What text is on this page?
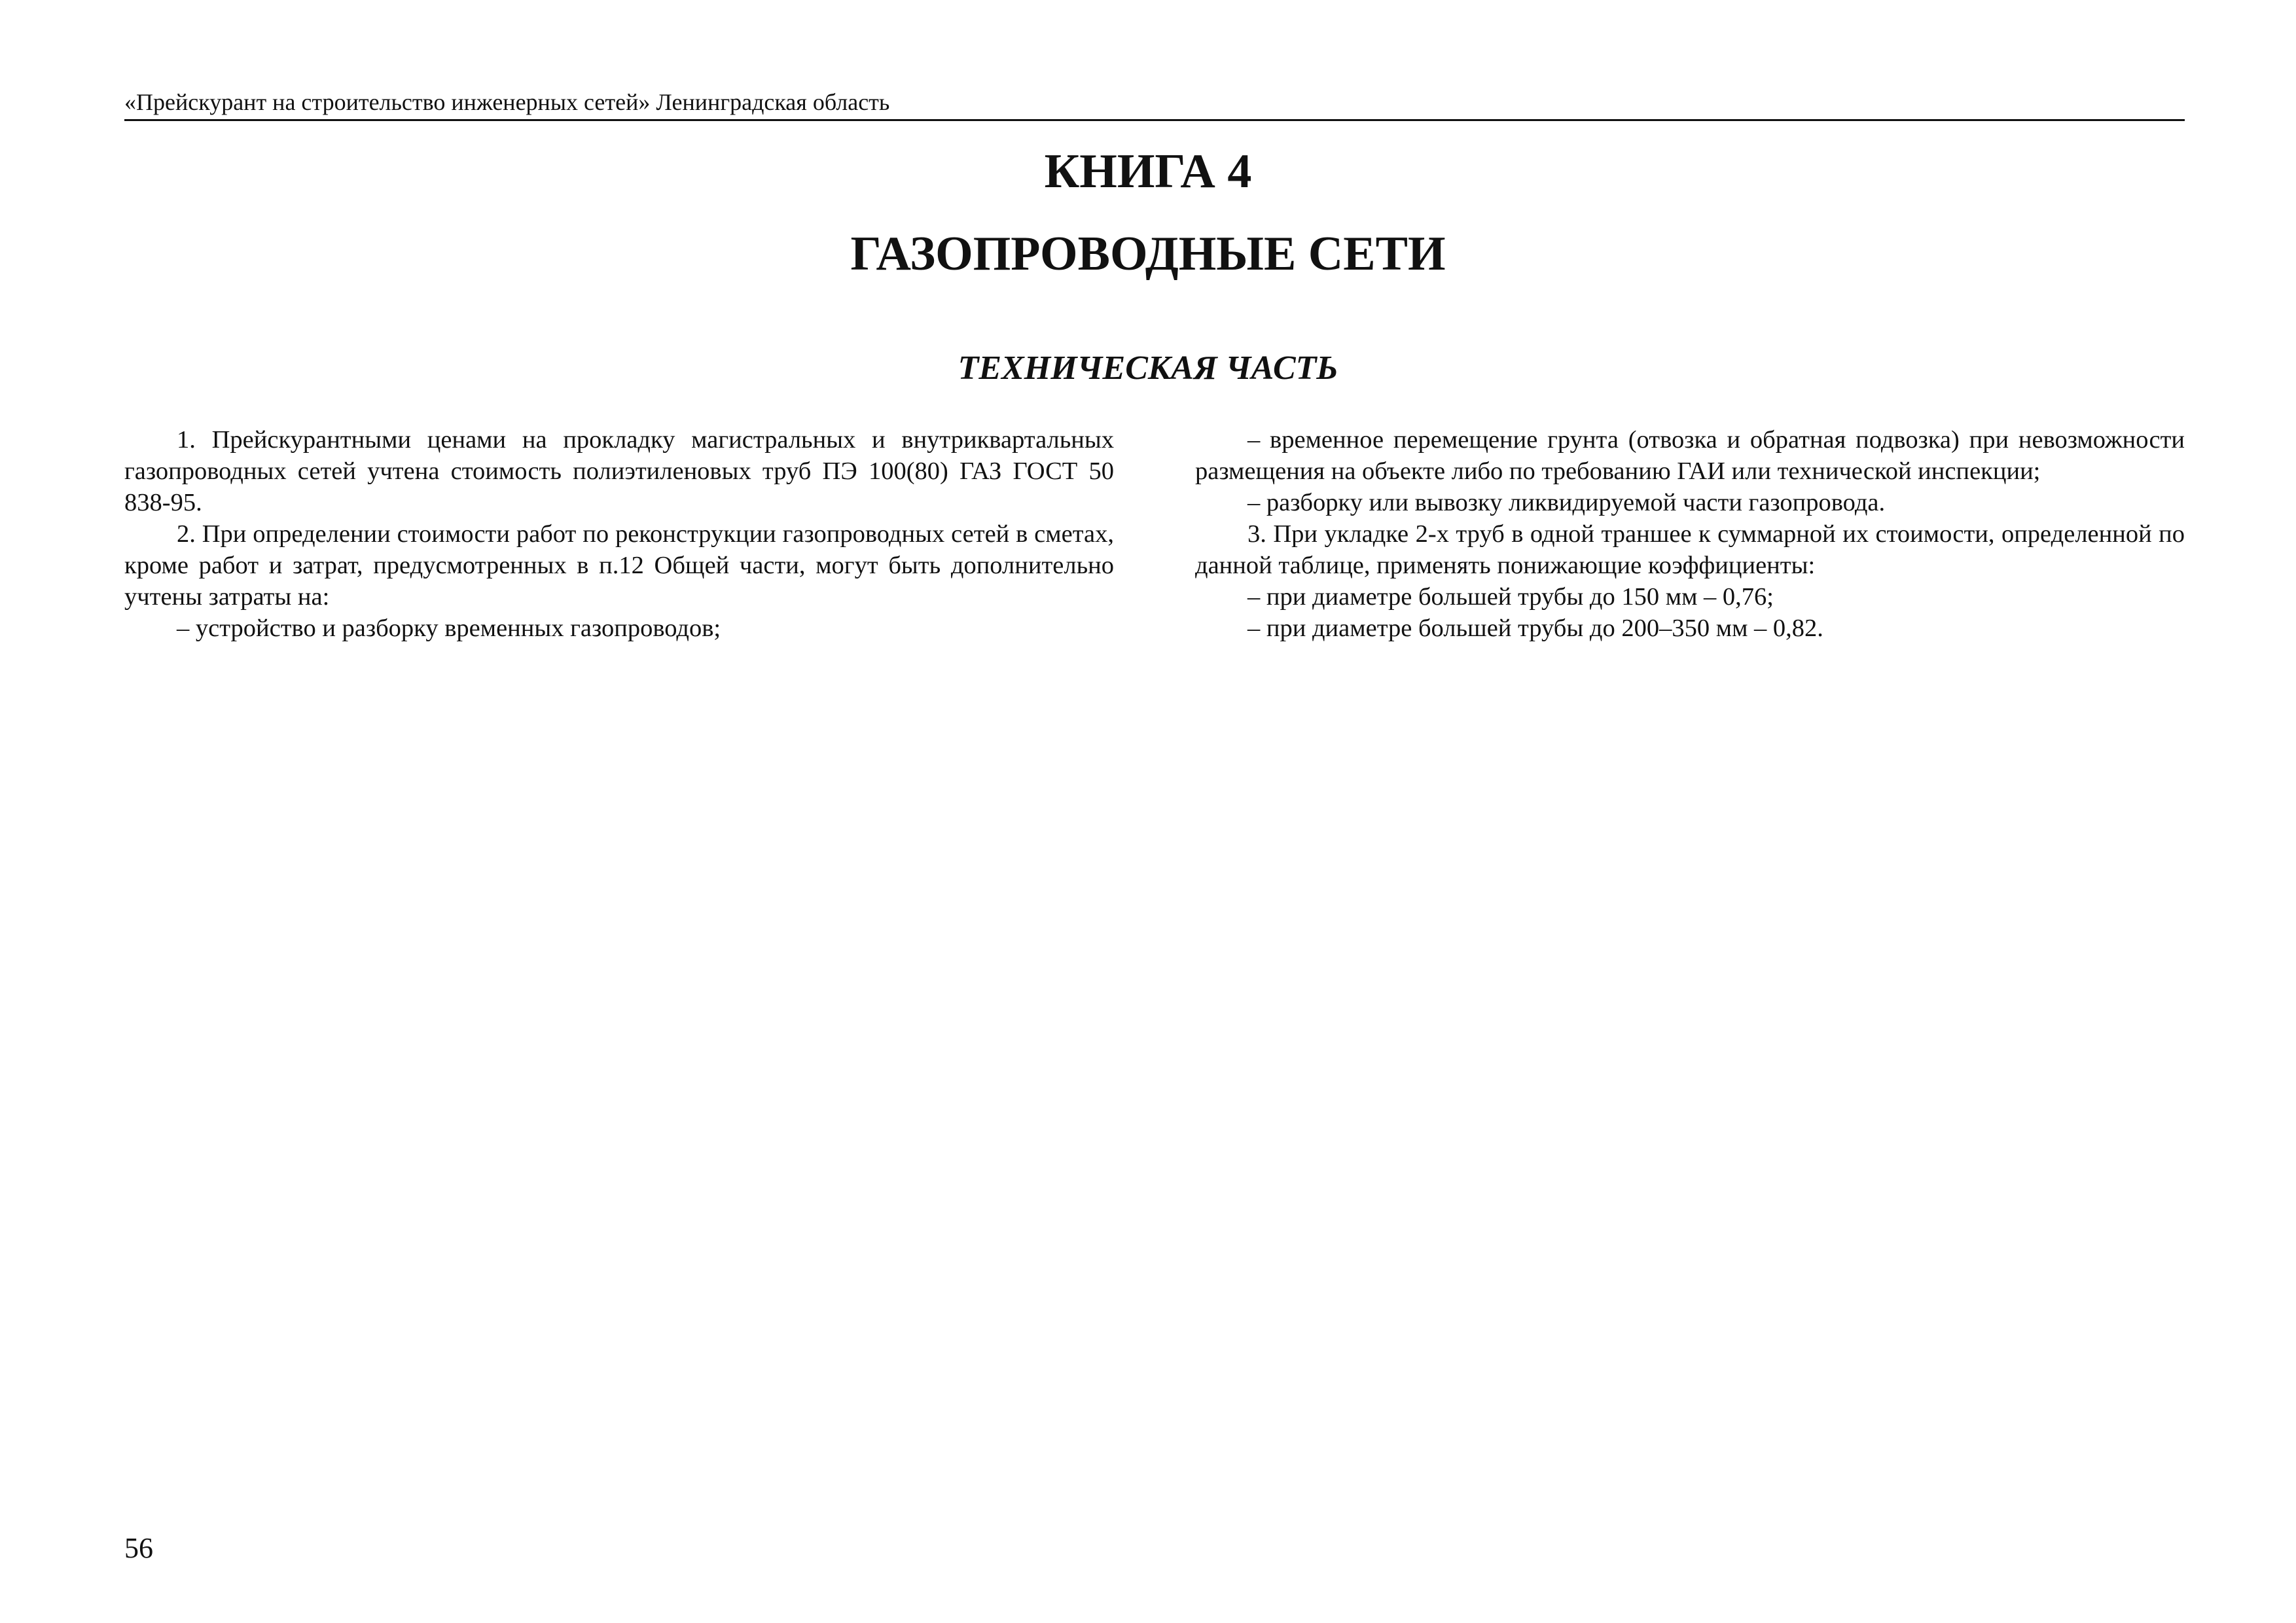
«Прейскурант на строительство инженерных сетей» Ленинградская область
КНИГА 4
ГАЗОПРОВОДНЫЕ СЕТИ
ТЕХНИЧЕСКАЯ ЧАСТЬ

1. Прейскурантными ценами на прокладку магистральных и внутриквартальных газопроводных сетей учтена стоимость полиэтиленовых труб ПЭ 100(80) ГАЗ ГОСТ 50 838-95.

2. При определении стоимости работ по реконструкции газопроводных сетей в сметах, кроме работ и затрат, предусмотренных в п.12 Общей части, могут быть дополнительно учтены затраты на:

– устройство и разборку временных газопроводов;

– временное перемещение грунта (отвозка и обратная подвозка) при невозможности размещения на объекте либо по требованию ГАИ или технической инспекции;

– разборку или вывозку ликвидируемой части газопровода.

3. При укладке 2-х труб в одной траншее к суммарной их стоимости, определенной по данной таблице, применять понижающие коэффициенты:

– при диаметре большей трубы до 150 мм – 0,76;

– при диаметре большей трубы до 200–350 мм – 0,82.

56
